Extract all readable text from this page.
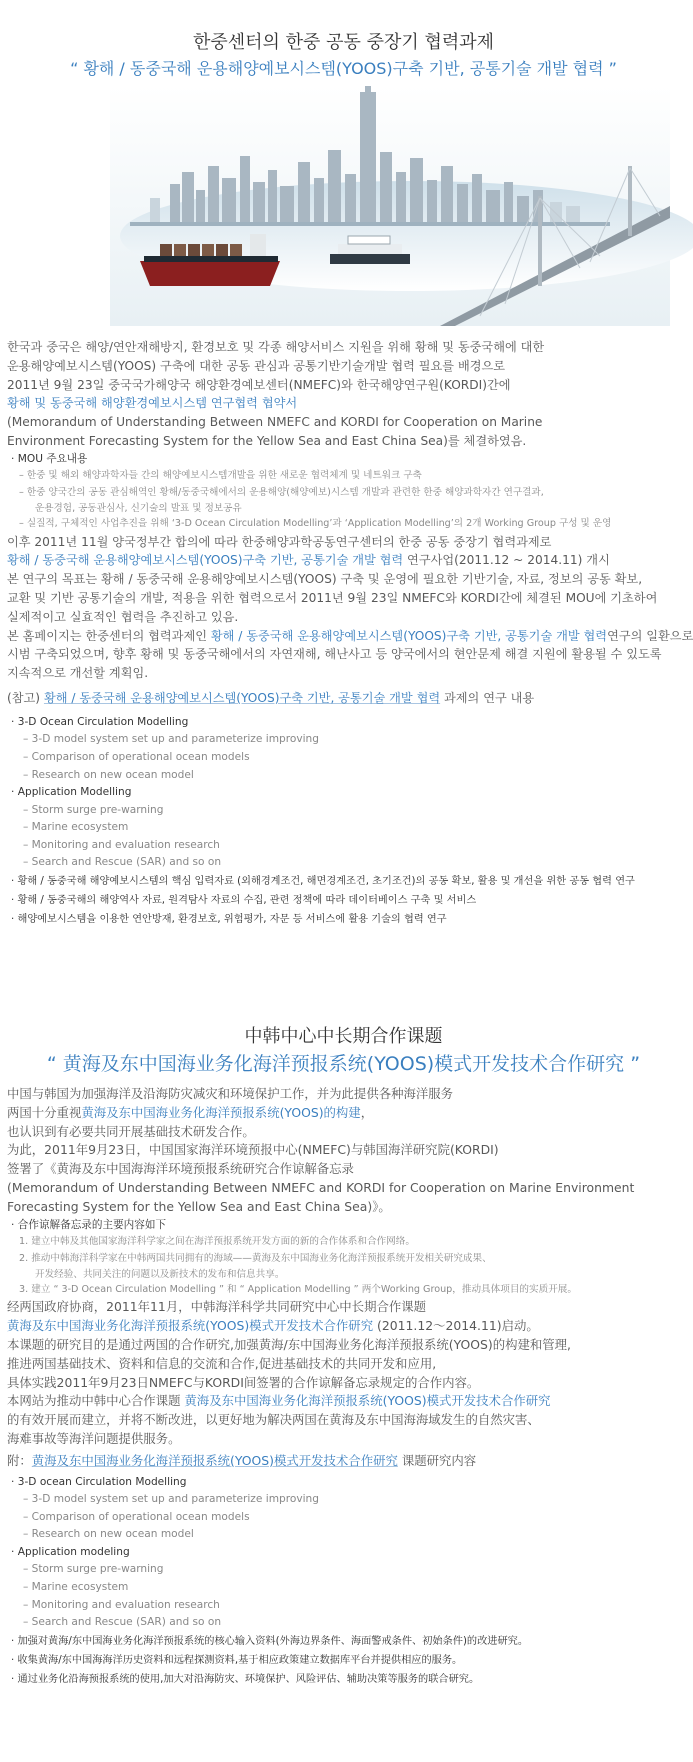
한중센터의 한중 공동 중장기 협력과제
“ 황해 / 동중국해 운용해양예보시스템(YOOS)구축 기반, 공통기술 개발 협력 ”
한국과 중국은 해양/연안재해방지, 환경보호 및 각종 해양서비스 지원을 위해 황해 및 동중국해에 대한
운용해양예보시스템(YOOS) 구축에 대한 공동 관심과 공통기반기술개발 협력 필요를 배경으로
2011년 9월 23일 중국국가해양국 해양환경예보센터(NMEFC)와 한국해양연구원(KORDI)간에
황해 및 동중국해 해양환경예보시스템 연구협력 협약서
(Memorandum of Understanding Between NMEFC and KORDI for Cooperation on Marine
Environment Forecasting System for the Yellow Sea and East China Sea)를 체결하였음.
· MOU 주요내용
– 한중 및 해외 해양과학자들 간의 해양예보시스템개발을 위한 새로운 협력체계 및 네트워크 구축
– 한중 양국간의 공동 관심해역인 황해/동중국해에서의 운용해양(해양예보)시스템 개발과 관련한 한중 해양과학자간 연구결과,
운용경험, 공동관심사, 신기술의 발표 및 정보공유
– 실질적, 구체적인 사업추진을 위해 ‘3-D Ocean Circulation Modelling’과 ‘Application Modelling’의 2개 Working Group 구성 및 운영
이후 2011년 11월 양국정부간 합의에 따라 한중해양과학공동연구센터의 한중 공동 중장기 협력과제로
황해 / 동중국해 운용해양예보시스템(YOOS)구축 기반, 공통기술 개발 협력 연구사업(2011.12 ~ 2014.11) 개시
본 연구의 목표는 황해 / 동중국해 운용해양예보시스템(YOOS) 구축 및 운영에 필요한 기반기술, 자료, 정보의 공동 확보,
교환 및 기반 공통기술의 개발, 적용을 위한 협력으로서 2011년 9월 23일 NMEFC와 KORDI간에 체결된 MOU에 기초하여
실제적이고 실효적인 협력을 추진하고 있음.
본 홈페이지는 한중센터의 협력과제인 황해 / 동중국해 운용해양예보시스템(YOOS)구축 기반, 공통기술 개발 협력연구의 일환으로
시범 구축되었으며, 향후 황해 및 동중국해에서의 자연재해, 해난사고 등 양국에서의 현안문제 해결 지원에 활용될 수 있도록
지속적으로 개선할 계획임.
(참고) 황해 / 동중국해 운용해양예보시스템(YOOS)구축 기반, 공통기술 개발 협력 과제의 연구 내용
· 3-D Ocean Circulation Modelling
– 3-D model system set up and parameterize improving
– Comparison of operational ocean models
– Research on new ocean model
· Application Modelling
– Storm surge pre-warning
– Marine ecosystem
– Monitoring and evaluation research
– Search and Rescue (SAR) and so on
· 황해 / 동중국해 해양예보시스템의 핵심 입력자료 (외해경계조건, 해면경계조건, 초기조건)의 공동 확보, 활용 및 개선을 위한 공동 협력 연구
· 황해 / 동중국해의 해양역사 자료, 원격탐사 자료의 수집, 관련 정책에 따라 데이터베이스 구축 및 서비스
· 해양예보시스템을 이용한 연안방재, 환경보호, 위험평가, 자문 등 서비스에 활용 기술의 협력 연구
中韩中心中长期合作课题
“ 黄海及东中国海业务化海洋预报系统(YOOS)模式开发技术合作研究 ”
中国与韩国为加强海洋及沿海防灾减灾和环境保护工作，并为此提供各种海洋服务
两国十分重视黄海及东中国海业务化海洋预报系统(YOOS)的构建，
也认识到有必要共同开展基础技术研发合作。
为此，2011年9月23日，中国国家海洋环境预报中心(NMEFC)与韩国海洋研究院(KORDI)
签署了《黄海及东中国海海洋环境预报系统研究合作谅解备忘录
(Memorandum of Understanding Between NMEFC and KORDI for Cooperation on Marine Environment
Forecasting System for the Yellow Sea and East China Sea)》。
· 合作谅解备忘录的主要内容如下
1. 建立中韩及其他国家海洋科学家之间在海洋预报系统开发方面的新的合作体系和合作网络。
2. 推动中韩海洋科学家在中韩两国共同拥有的海域——黄海及东中国海业务化海洋预报系统开发相关研究成果、
开发经验、共同关注的问题以及新技术的发布和信息共享。
3. 建立 “ 3-D Ocean Circulation Modelling ” 和 “ Application Modelling ” 两个Working Group，推动具体项目的实质开展。
经两国政府协商，2011年11月，中韩海洋科学共同研究中心中长期合作课题
黄海及东中国海业务化海洋预报系统(YOOS)模式开发技术合作研究 (2011.12～2014.11)启动。
本课题的研究目的是通过两国的合作研究,加强黄海/东中国海业务化海洋预报系统(YOOS)的构建和管理,
推进两国基础技术、资料和信息的交流和合作,促进基础技术的共同开发和应用,
具体实践2011年9月23日NMEFC与KORDI间签署的合作谅解备忘录规定的合作内容。
本网站为推动中韩中心合作课题 黄海及东中国海业务化海洋预报系统(YOOS)模式开发技术合作研究
的有效开展而建立，并将不断改进，以更好地为解决两国在黄海及东中国海海域发生的自然灾害、
海难事故等海洋问题提供服务。
附：黄海及东中国海业务化海洋预报系统(YOOS)模式开发技术合作研究 课题研究内容
· 3-D ocean Circulation Modelling
– 3-D model system set up and parameterize improving
– Comparison of operational ocean models
– Research on new ocean model
· Application modeling
– Storm surge pre-warning
– Marine ecosystem
– Monitoring and evaluation research
– Search and Rescue (SAR) and so on
· 加强对黄海/东中国海业务化海洋预报系统的核心输入资料(外海边界条件、海面警戒条件、初始条件)的改进研究。
· 收集黄海/东中国海海洋历史资料和远程探测资料,基于相应政策建立数据库平台并提供相应的服务。
· 通过业务化沿海预报系统的使用,加大对沿海防灾、环境保护、风险评估、辅助决策等服务的联合研究。
